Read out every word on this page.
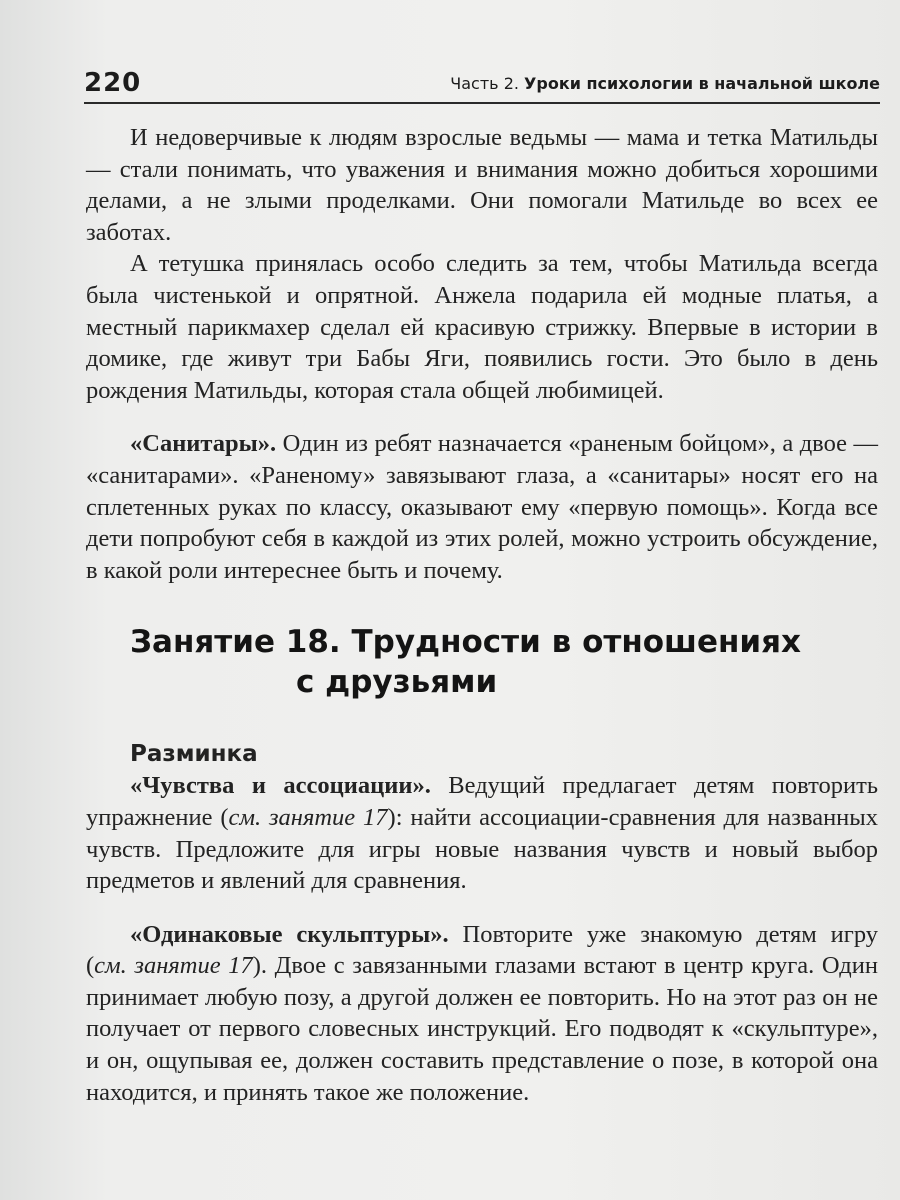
220	Часть 2. Уроки психологии в начальной школе

И недоверчивые к людям взрослые ведьмы — мама и тетка Матильды — стали понимать, что уважения и внимания можно добиться хорошими делами, а не злыми проделками. Они помогали Матильде во всех ее заботах.

А тетушка принялась особо следить за тем, чтобы Матильда всегда была чистенькой и опрятной. Анжела подарила ей модные платья, а местный парикмахер сделал ей красивую стрижку. Впервые в истории в домике, где живут три Бабы Яги, появились гости. Это было в день рождения Матильды, которая стала общей любимицей.

«Санитары». Один из ребят назначается «раненым бойцом», а двое — «санитарами». «Раненому» завязывают глаза, а «санитары» носят его на сплетенных руках по классу, оказывают ему «первую помощь». Когда все дети попробуют себя в каждой из этих ролей, можно устроить обсуждение, в какой роли интереснее быть и почему.

Занятие 18. Трудности в отношениях
с друзьями
Разминка

«Чувства и ассоциации». Ведущий предлагает детям повторить упражнение (см. занятие 17): найти ассоциации-сравнения для названных чувств. Предложите для игры новые названия чувств и новый выбор предметов и явлений для сравнения.

«Одинаковые скульптуры». Повторите уже знакомую детям игру (см. занятие 17). Двое с завязанными глазами встают в центр круга. Один принимает любую позу, а другой должен ее повторить. Но на этот раз он не получает от первого словесных инструкций. Его подводят к «скульптуре», и он, ощупывая ее, должен составить представление о позе, в которой она находится, и принять такое же положение.
